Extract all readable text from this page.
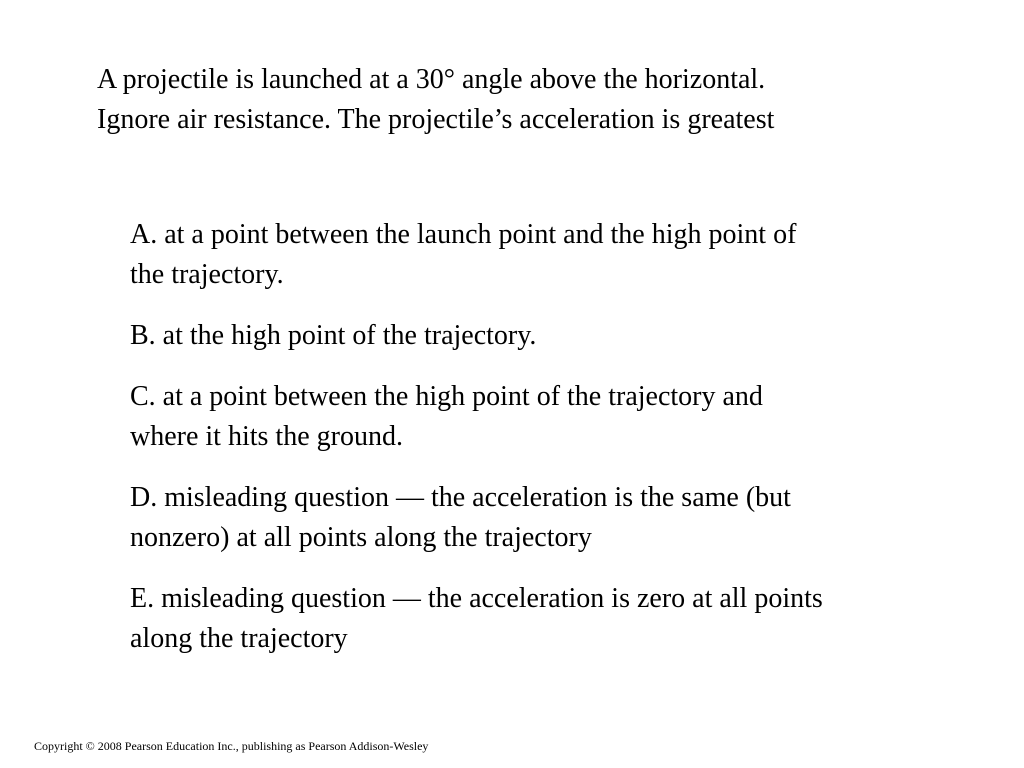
A projectile is launched at a 30° angle above the horizontal.
Ignore air resistance. The projectile’s acceleration is greatest
A. at a point between the launch point and the high point of
the trajectory.
B. at the high point of the trajectory.
C. at a point between the high point of the trajectory and
where it hits the ground.
D. misleading question — the acceleration is the same (but
nonzero) at all points along the trajectory
E. misleading question — the acceleration is zero at all points
along the trajectory
Copyright © 2008 Pearson Education Inc., publishing as Pearson Addison-Wesley
